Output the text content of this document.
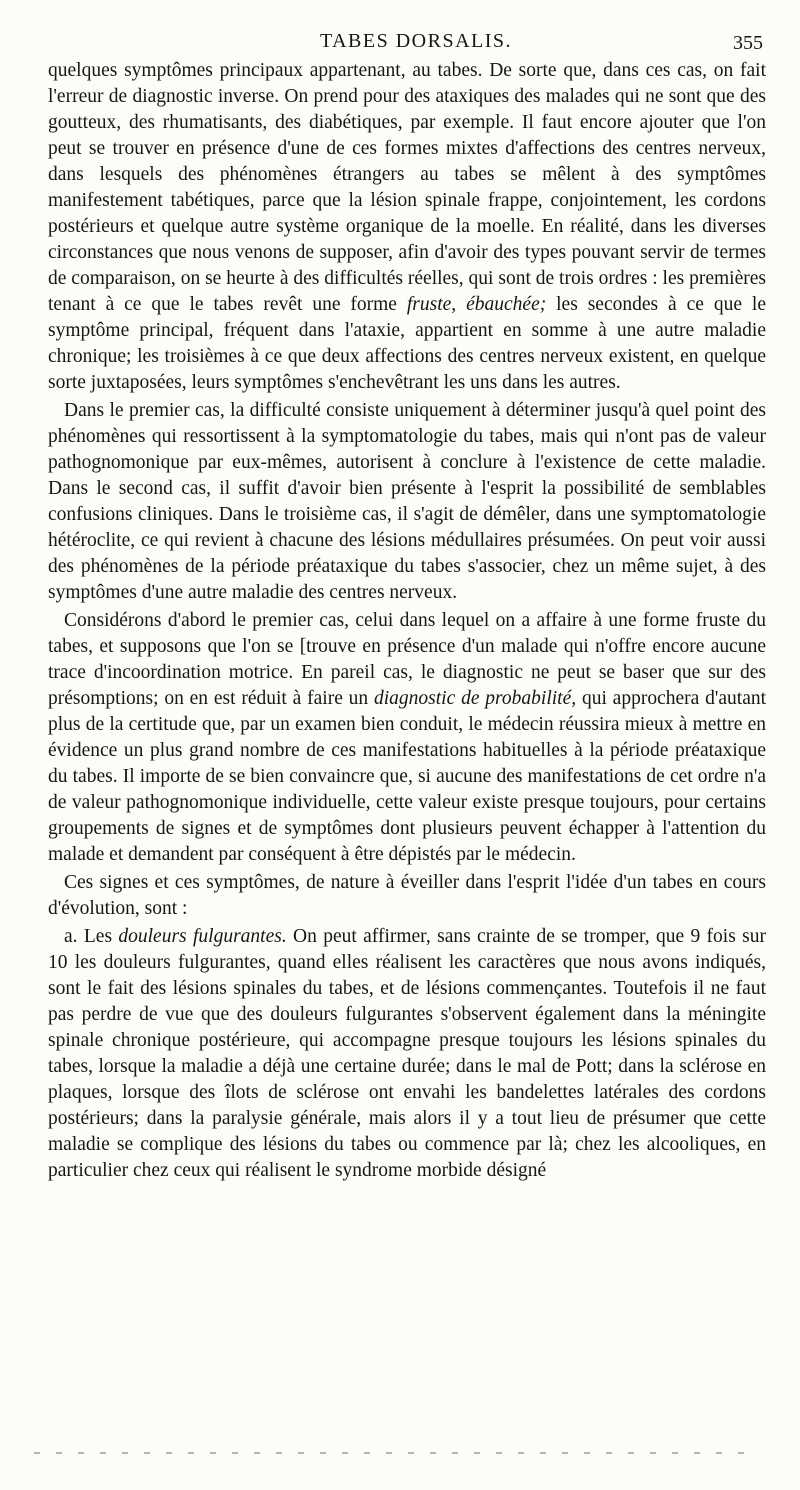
TABES DORSALIS.	355

quelques symptômes principaux appartenant, au tabes. De sorte que, dans ces cas, on fait l'erreur de diagnostic inverse. On prend pour des ataxiques des malades qui ne sont que des goutteux, des rhumatisants, des diabétiques, par exemple. Il faut encore ajouter que l'on peut se trouver en présence d'une de ces formes mixtes d'affections des centres nerveux, dans lesquels des phénomènes étrangers au tabes se mêlent à des symptômes manifestement tabétiques, parce que la lésion spinale frappe, conjointement, les cordons postérieurs et quelque autre système organique de la moelle. En réalité, dans les diverses circonstances que nous venons de supposer, afin d'avoir des types pouvant servir de termes de comparaison, on se heurte à des difficultés réelles, qui sont de trois ordres : les premières tenant à ce que le tabes revêt une forme fruste, ébauchée; les secondes à ce que le symptôme principal, fréquent dans l'ataxie, appartient en somme à une autre maladie chronique; les troisièmes à ce que deux affections des centres nerveux existent, en quelque sorte juxtaposées, leurs symptômes s'enchevêtrant les uns dans les autres.

Dans le premier cas, la difficulté consiste uniquement à déterminer jusqu'à quel point des phénomènes qui ressortissent à la symptomatologie du tabes, mais qui n'ont pas de valeur pathognomonique par eux-mêmes, autorisent à conclure à l'existence de cette maladie. Dans le second cas, il suffit d'avoir bien présente à l'esprit la possibilité de semblables confusions cliniques. Dans le troisième cas, il s'agit de démêler, dans une symptomatologie hétéroclite, ce qui revient à chacune des lésions médullaires présumées. On peut voir aussi des phénomènes de la période préataxique du tabes s'associer, chez un même sujet, à des symptômes d'une autre maladie des centres nerveux.

Considérons d'abord le premier cas, celui dans lequel on a affaire à une forme fruste du tabes, et supposons que l'on se [trouve en présence d'un malade qui n'offre encore aucune trace d'incoordination motrice. En pareil cas, le diagnostic ne peut se baser que sur des présomptions; on en est réduit à faire un diagnostic de probabilité, qui approchera d'autant plus de la certitude que, par un examen bien conduit, le médecin réussira mieux à mettre en évidence un plus grand nombre de ces manifestations habituelles à la période préataxique du tabes. Il importe de se bien convaincre que, si aucune des manifestations de cet ordre n'a de valeur pathognomonique individuelle, cette valeur existe presque toujours, pour certains groupements de signes et de symptômes dont plusieurs peuvent échapper à l'attention du malade et demandent par conséquent à être dépistés par le médecin.

Ces signes et ces symptômes, de nature à éveiller dans l'esprit l'idée d'un tabes en cours d'évolution, sont :

a. Les douleurs fulgurantes. On peut affirmer, sans crainte de se tromper, que 9 fois sur 10 les douleurs fulgurantes, quand elles réalisent les caractères que nous avons indiqués, sont le fait des lésions spinales du tabes, et de lésions commençantes. Toutefois il ne faut pas perdre de vue que des douleurs fulgurantes s'observent également dans la méningite spinale chronique postérieure, qui accompagne presque toujours les lésions spinales du tabes, lorsque la maladie a déjà une certaine durée; dans le mal de Pott; dans la sclérose en plaques, lorsque des îlots de sclérose ont envahi les bandelettes latérales des cordons postérieurs; dans la paralysie générale, mais alors il y a tout lieu de présumer que cette maladie se complique des lésions du tabes ou commence par là; chez les alcooliques, en particulier chez ceux qui réalisent le syndrome morbide désigné
